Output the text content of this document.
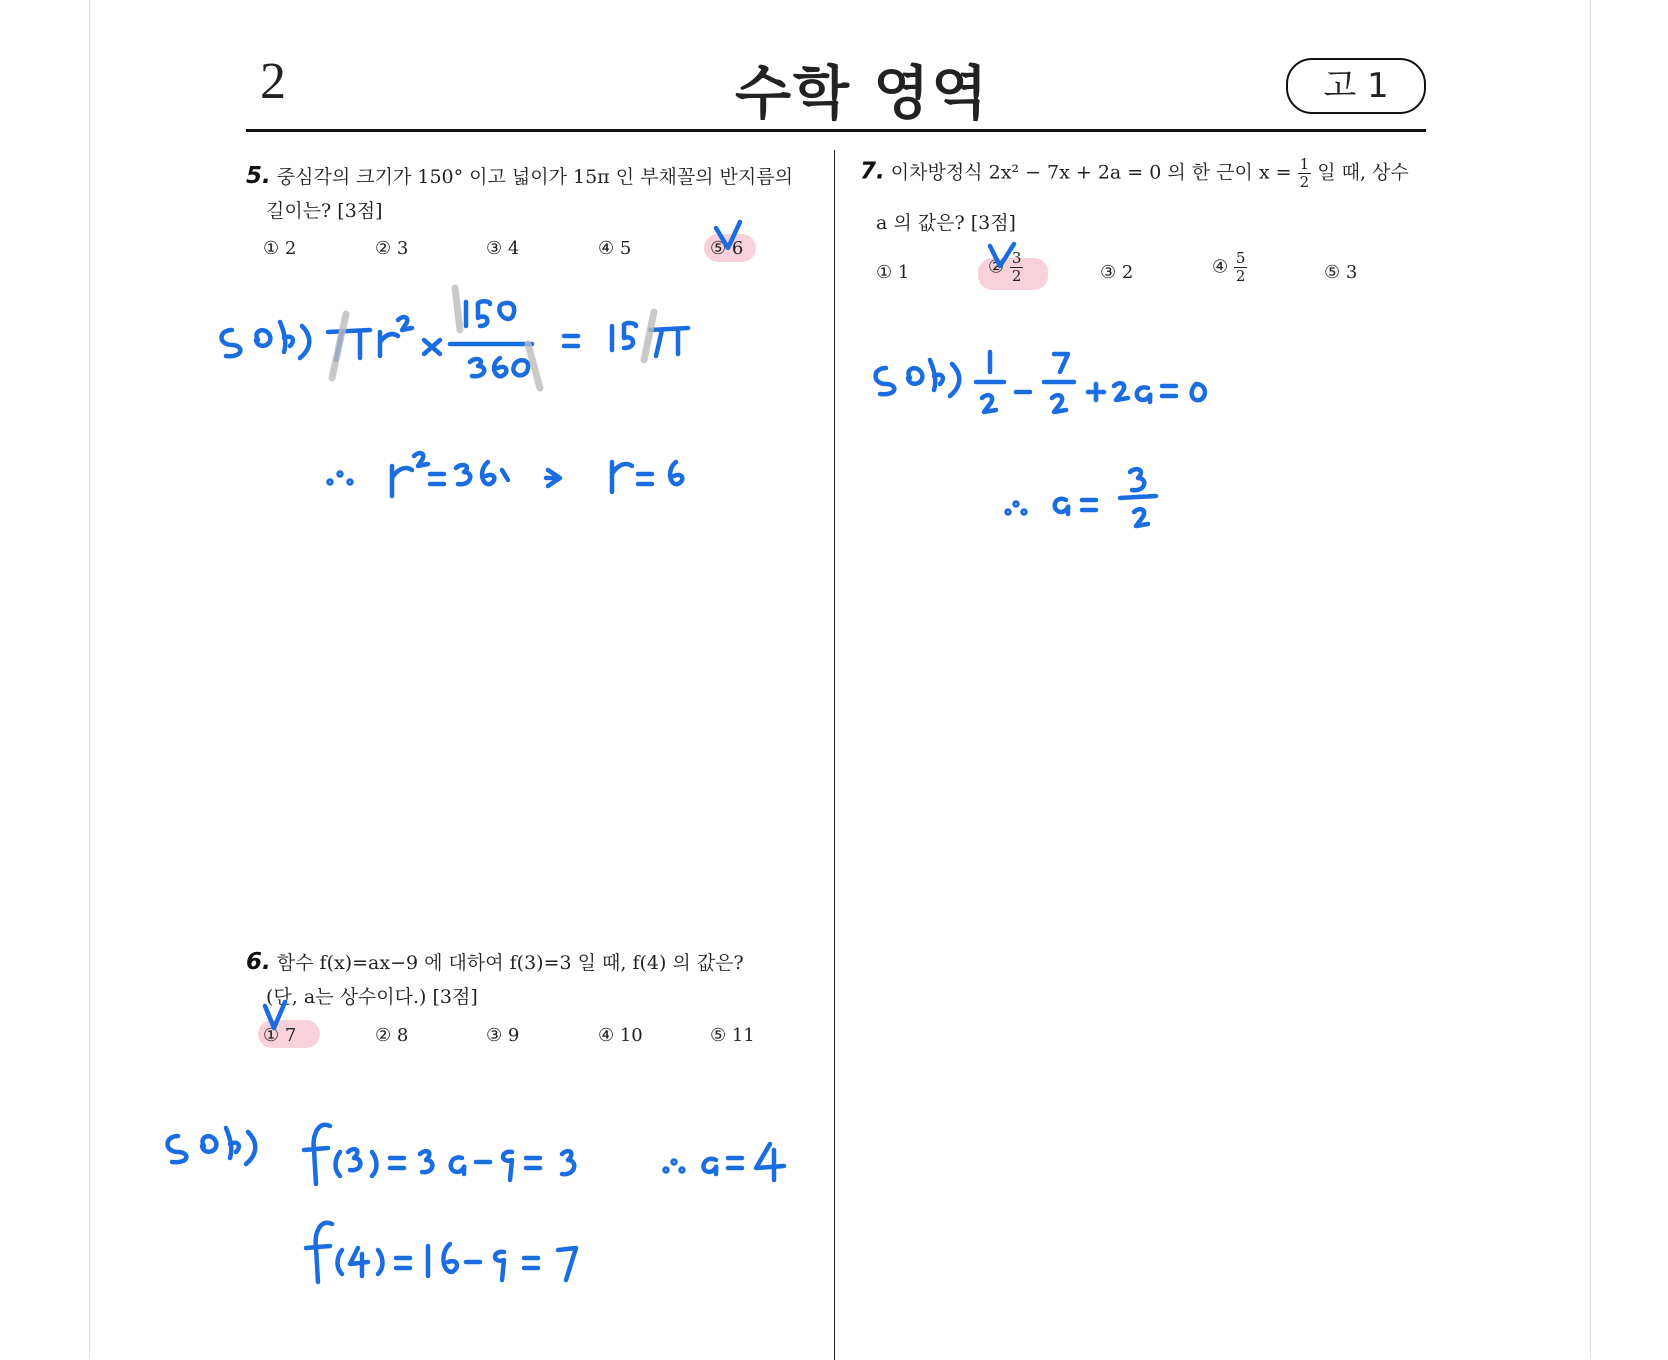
2	수학 영역	고 1
5. 중심각의 크기가 150° 이고 넓이가 15π 인 부채꼴의 반지름의
길이는? [3점]
① 2	② 3	③ 4	④ 5	⑤ 6
6. 함수 f(x)=ax−9 에 대하여 f(3)=3 일 때, f(4) 의 값은?
(단, a는 상수이다.) [3점]
① 7	② 8	③ 9	④ 10	⑤ 11
7. 이차방정식 2x² − 7x + 2a = 0 의 한 근이 $x = \frac{1}{2}$ 일 때, 상수
a 의 값은? [3점]
① 1	② $\frac{3}{2}$	③ 2	④ $\frac{5}{2}$	⑤ 3
